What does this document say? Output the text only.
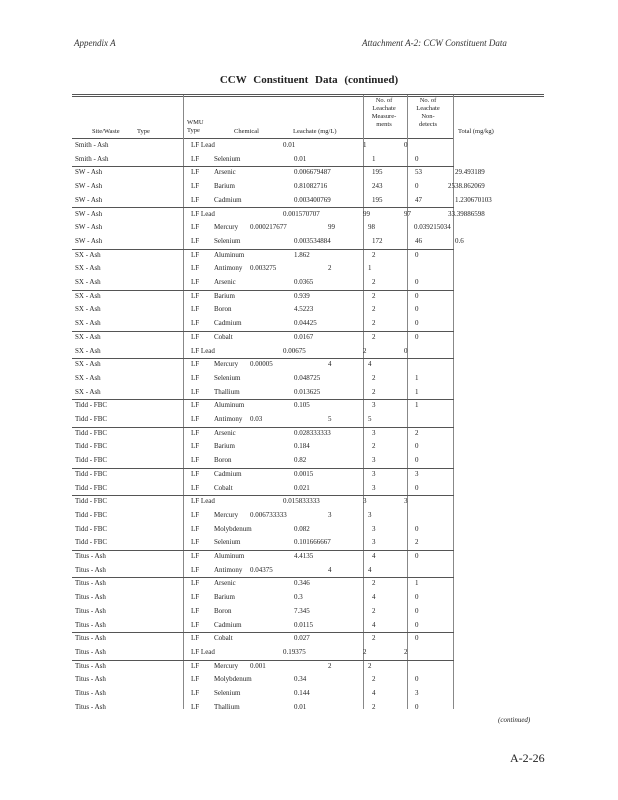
Appendix A	Attachment A-2: CCW Constituent Data
CCW Constituent Data (continued)
Site/Waste	Type
WMU
Type	Chemical	Leachate (mg/L)
No. of
Leachate
Measure-
ments
No. of
Leachate
Non-
detects
Total (mg/kg)
Smith - Ash	LF Lead	0.01	1	0
Smith - Ash	LF Selenium	0.01	1	0
SW - Ash	LF Arsenic	0.006679487	195	53	29.493189
SW - Ash	LF Barium	0.81082716	243	0	2538.862069
SW - Ash	LF Cadmium	0.003400769	195	47	1.230670103
SW - Ash	LF Lead	0.001570707	99	97	33.39886598
SW - Ash	LF Mercury 0.000217677	99	98	0.039215034
SW - Ash	LF Selenium	0.003534884	172	46	0.6
SX - Ash	LF Aluminum	1.862	2	0
SX - Ash	LF Antimony 0.003275	2	1
SX - Ash	LF Arsenic	0.0365	2	0
SX - Ash	LF Barium	0.939	2	0
SX - Ash	LF Boron	4.5223	2	0
SX - Ash	LF Cadmium	0.04425	2	0
SX - Ash	LF Cobalt	0.0167	2	0
SX - Ash	LF Lead	0.00675	2	0
SX - Ash	LF Mercury 0.00005	4	4
SX - Ash	LF Selenium	0.048725	2	1
SX - Ash	LF Thallium	0.013625	2	1
Tidd - FBC	LF Aluminum	0.105	3	1
Tidd - FBC	LF Antimony 0.03	5	5
Tidd - FBC	LF Arsenic	0.028333333	3	2
Tidd - FBC	LF Barium	0.184	2	0
Tidd - FBC	LF Boron	0.82	3	0
Tidd - FBC	LF Cadmium	0.0015	3	3
Tidd - FBC	LF Cobalt	0.021	3	0
Tidd - FBC	LF Lead	0.015833333	3	3
Tidd - FBC	LF Mercury 0.006733333	3	3
Tidd - FBC	LF Molybdenum	0.082	3	0
Tidd - FBC	LF Selenium	0.101666667	3	2
Titus - Ash	LF Aluminum	4.4135	4	0
Titus - Ash	LF Antimony 0.04375	4	4
Titus - Ash	LF Arsenic	0.346	2	1
Titus - Ash	LF Barium	0.3	4	0
Titus - Ash	LF Boron	7.345	2	0
Titus - Ash	LF Cadmium	0.0115	4	0
Titus - Ash	LF Cobalt	0.027	2	0
Titus - Ash	LF Lead	0.19375	2	2
Titus - Ash	LF Mercury 0.001	2	2
Titus - Ash	LF Molybdenum	0.34	2	0
Titus - Ash	LF Selenium	0.144	4	3
Titus - Ash	LF Thallium	0.01	2	0
(continued)
A-2-26
